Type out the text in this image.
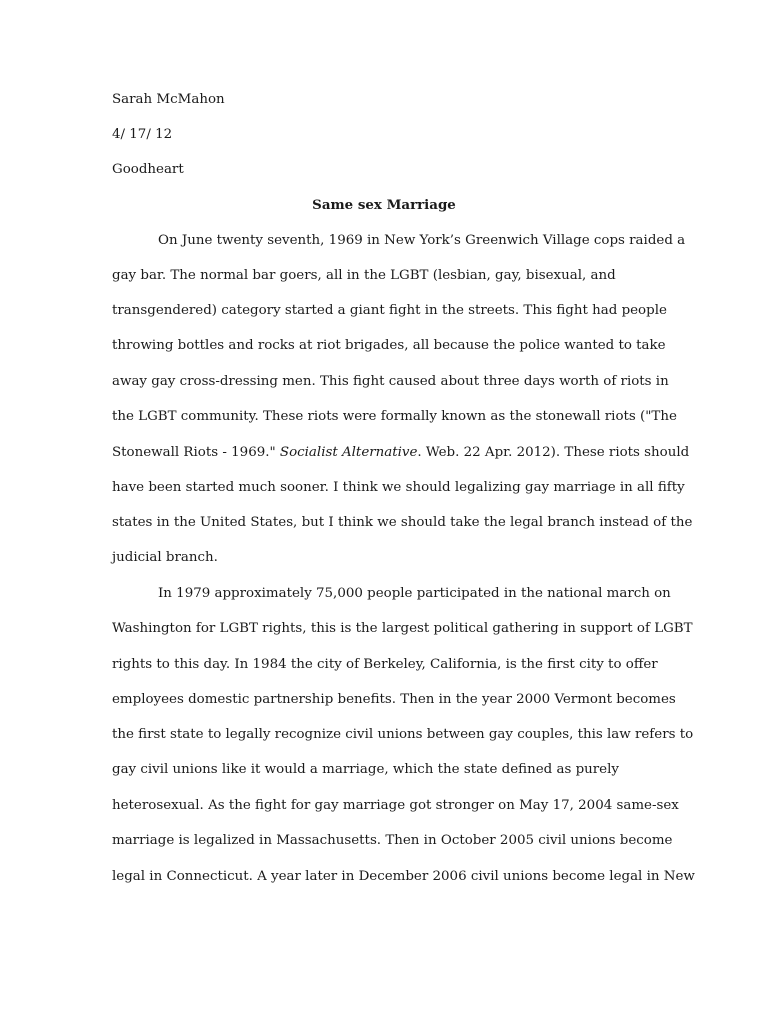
Sarah McMahon
4/ 17/ 12
Goodheart
Same sex Marriage
On June twenty seventh, 1969 in New York’s Greenwich Village cops raided a
gay bar. The normal bar goers, all in the LGBT (lesbian, gay, bisexual, and
transgendered) category started a giant fight in the streets. This fight had people
throwing bottles and rocks at riot brigades, all because the police wanted to take
away gay cross-dressing men. This fight caused about three days worth of riots in
the LGBT community. These riots were formally known as the stonewall riots ("The
Stonewall Riots - 1969." Socialist Alternative. Web. 22 Apr. 2012). These riots should
have been started much sooner. I think we should legalizing gay marriage in all fifty
states in the United States, but I think we should take the legal branch instead of the
judicial branch.
In 1979 approximately 75,000 people participated in the national march on
Washington for LGBT rights, this is the largest political gathering in support of LGBT
rights to this day. In 1984 the city of Berkeley, California, is the first city to offer
employees domestic partnership benefits. Then in the year 2000 Vermont becomes
the first state to legally recognize civil unions between gay couples, this law refers to
gay civil unions like it would a marriage, which the state defined as purely
heterosexual. As the fight for gay marriage got stronger on May 17, 2004 same-sex
marriage is legalized in Massachusetts. Then in October 2005 civil unions become
legal in Connecticut. A year later in December 2006 civil unions become legal in New
